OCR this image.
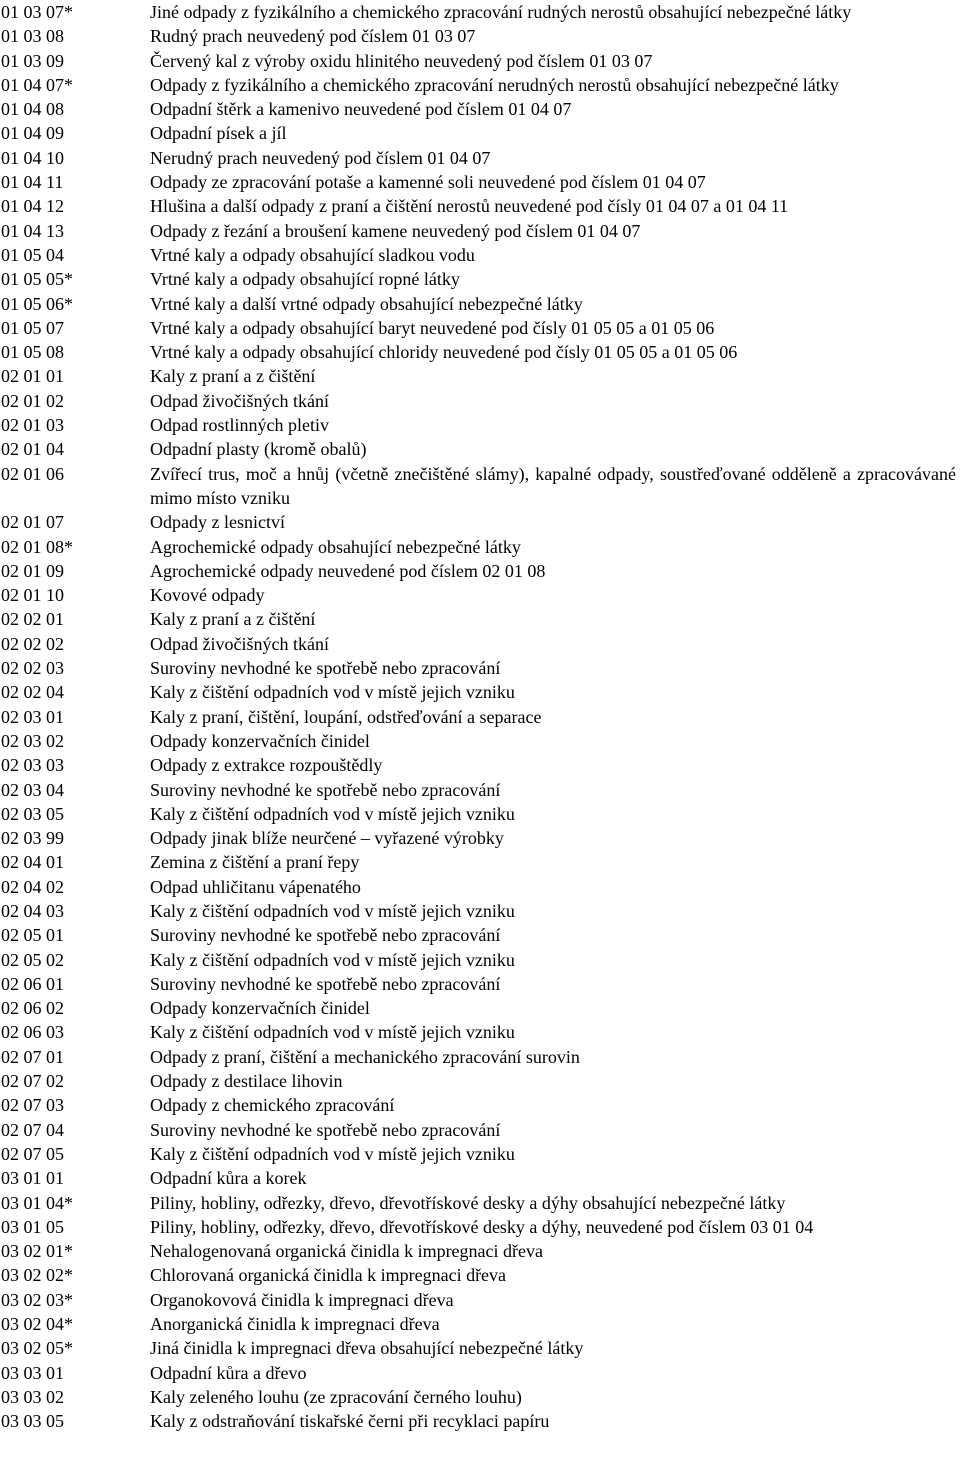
01 03 07*	Jiné odpady z fyzikálního a chemického zpracování rudných nerostů obsahující nebezpečné látky
01 03 08	Rudný prach neuvedený pod číslem 01 03 07
01 03 09	Červený kal z výroby oxidu hlinitého neuvedený pod číslem 01 03 07
01 04 07*	Odpady z fyzikálního a chemického zpracování nerudných nerostů obsahující nebezpečné látky
01 04 08	Odpadní štěrk a kamenivo neuvedené pod číslem 01 04 07
01 04 09	Odpadní písek a jíl
01 04 10	Nerudný prach neuvedený pod číslem 01 04 07
01 04 11	Odpady ze zpracování potaše a kamenné soli neuvedené pod číslem 01 04 07
01 04 12	Hlušina a další odpady z praní a čištění nerostů neuvedené pod čísly 01 04 07 a 01 04 11
01 04 13	Odpady z řezání a broušení kamene neuvedený pod číslem 01 04 07
01 05 04	Vrtné kaly a odpady obsahující sladkou vodu
01 05 05*	Vrtné kaly a odpady obsahující ropné látky
01 05 06*	Vrtné kaly a další vrtné odpady obsahující nebezpečné látky
01 05 07	Vrtné kaly a odpady obsahující baryt neuvedené pod čísly 01 05 05 a 01 05 06
01 05 08	Vrtné kaly a odpady obsahující chloridy neuvedené pod čísly 01 05 05 a 01 05 06
02 01 01	Kaly z praní a z čištění
02 01 02	Odpad živočišných tkání
02 01 03	Odpad rostlinných pletiv
02 01 04	Odpadní plasty (kromě obalů)
02 01 06	Zvířecí trus, moč a hnůj (včetně znečištěné slámy), kapalné odpady, soustřeďované odděleně a zpracovávané mimo místo vzniku
02 01 07	Odpady z lesnictví
02 01 08*	Agrochemické odpady obsahující nebezpečné látky
02 01 09	Agrochemické odpady neuvedené pod číslem 02 01 08
02 01 10	Kovové odpady
02 02 01	Kaly z praní a z čištění
02 02 02	Odpad živočišných tkání
02 02 03	Suroviny nevhodné ke spotřebě nebo zpracování
02 02 04	Kaly z čištění odpadních vod v místě jejich vzniku
02 03 01	Kaly z praní, čištění, loupání, odstřeďování a separace
02 03 02	Odpady konzervačních činidel
02 03 03	Odpady z extrakce rozpouštědly
02 03 04	Suroviny nevhodné ke spotřebě nebo zpracování
02 03 05	Kaly z čištění odpadních vod v místě jejich vzniku
02 03 99	Odpady jinak blíže neurčené – vyřazené výrobky
02 04 01	Zemina z čištění a praní řepy
02 04 02	Odpad uhličitanu vápenatého
02 04 03	Kaly z čištění odpadních vod v místě jejich vzniku
02 05 01	Suroviny nevhodné ke spotřebě nebo zpracování
02 05 02	Kaly z čištění odpadních vod v místě jejich vzniku
02 06 01	Suroviny nevhodné ke spotřebě nebo zpracování
02 06 02	Odpady konzervačních činidel
02 06 03	Kaly z čištění odpadních vod v místě jejich vzniku
02 07 01	Odpady z praní, čištění a mechanického zpracování surovin
02 07 02	Odpady z destilace lihovin
02 07 03	Odpady z chemického zpracování
02 07 04	Suroviny nevhodné ke spotřebě nebo zpracování
02 07 05	Kaly z čištění odpadních vod v místě jejich vzniku
03 01 01	Odpadní kůra a korek
03 01 04*	Piliny, hobliny, odřezky, dřevo, dřevotřískové desky a dýhy obsahující nebezpečné látky
03 01 05	Piliny, hobliny, odřezky, dřevo, dřevotřískové desky a dýhy, neuvedené pod číslem 03 01 04
03 02 01*	Nehalogenovaná organická činidla k impregnaci dřeva
03 02 02*	Chlorovaná organická činidla k impregnaci dřeva
03 02 03*	Organokovová činidla k impregnaci dřeva
03 02 04*	Anorganická činidla k impregnaci dřeva
03 02 05*	Jiná činidla k impregnaci dřeva obsahující nebezpečné látky
03 03 01	Odpadní kůra a dřevo
03 03 02	Kaly zeleného louhu (ze zpracování černého louhu)
03 03 05	Kaly z odstraňování tiskařské černi při recyklaci papíru
